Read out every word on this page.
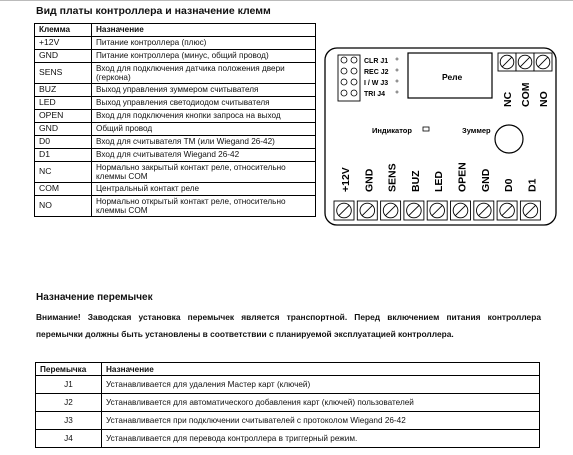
Вид платы контроллера и назначение клемм
Клемма	Назначение
+12V	Питание контроллера (плюс)
GND	Питание контроллера (минус, общий провод)
SENS	Вход для подключения датчика положения двери (геркона)
BUZ	Выход управления зуммером считывателя
LED	Выход управления светодиодом считывателя
OPEN	Вход для подключения кнопки запроса на выход
GND	Общий провод
D0	Вход для считывателя ТМ (или Wiegand 26-42)
D1	Вход для считывателя Wiegand 26-42
NC	Нормально закрытый контакт реле, относительно клеммы COM
COM	Центральный контакт реле
NO	Нормально открытый контакт реле, относительно клеммы COM
CLR J1
REC J2
I / W J3
TRI J4
Реле
NC COM NO
Индикатор	Зуммер
+12V GND SENS BUZ LED OPEN GND D0 D1
Назначение перемычек
Внимание! Заводская установка перемычек является транспортной. Перед включением питания контроллера перемычки должны быть установлены в соответствии с планируемой эксплуатацией контроллера.
Перемычка	Назначение
J1	Устанавливается для удаления Мастер карт (ключей)
J2	Устанавливается для автоматического добавления карт (ключей) пользователей
J3	Устанавливается при подключении считывателей с протоколом Wiegand 26-42
J4	Устанавливается для перевода контроллера в триггерный режим.
